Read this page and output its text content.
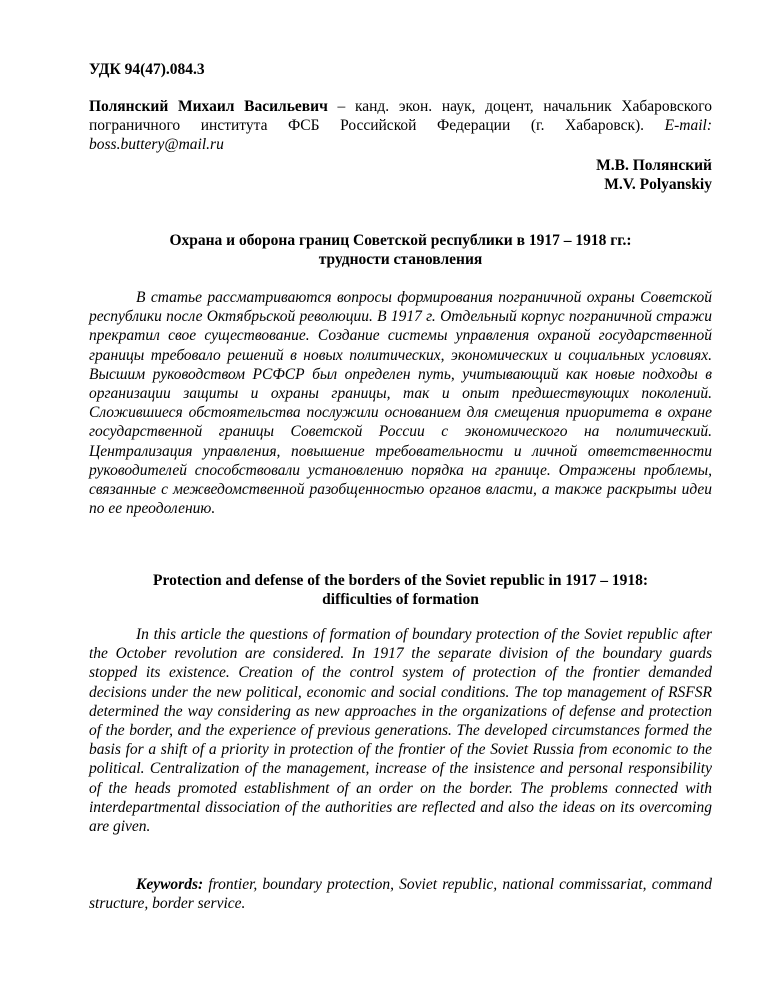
УДК 94(47).084.3
Полянский Михаил Васильевич – канд. экон. наук, доцент, начальник Хабаровского пограничного института ФСБ Российской Федерации (г. Хабаровск). E-mail: boss.buttery@mail.ru
М.В. Полянский
M.V. Polyanskiy
Охрана и оборона границ Советской республики в 1917 – 1918 гг.:
трудности становления
В статье рассматриваются вопросы формирования пограничной охраны Советской республики после Октябрьской революции. В 1917 г. Отдельный корпус пограничной стражи прекратил свое существование. Создание системы управления охраной государственной границы требовало решений в новых политических, экономических и социальных условиях. Высшим руководством РСФСР был определен путь, учитывающий как новые подходы в организации защиты и охраны границы, так и опыт предшествующих поколений. Сложившиеся обстоятельства послужили основанием для смещения приоритета в охране государственной границы Советской России с экономического на политический. Централизация управления, повышение требовательности и личной ответственности руководителей способствовали установлению порядка на границе. Отражены проблемы, связанные с межведомственной разобщенностью органов власти, а также раскрыты идеи по ее преодолению.
Protection and defense of the borders of the Soviet republic in 1917 – 1918:
difficulties of formation
In this article the questions of formation of boundary protection of the Soviet republic after the October revolution are considered. In 1917 the separate division of the boundary guards stopped its existence. Creation of the control system of protection of the frontier demanded decisions under the new political, economic and social conditions. The top management of RSFSR determined the way considering as new approaches in the organizations of defense and protection of the border, and the experience of previous generations. The developed circumstances formed the basis for a shift of a priority in protection of the frontier of the Soviet Russia from economic to the political. Centralization of the management, increase of the insistence and personal responsibility of the heads promoted establishment of an order on the border. The problems connected with interdepartmental dissociation of the authorities are reflected and also the ideas on its overcoming are given.
Keywords: frontier, boundary protection, Soviet republic, national commissariat, command structure, border service.
